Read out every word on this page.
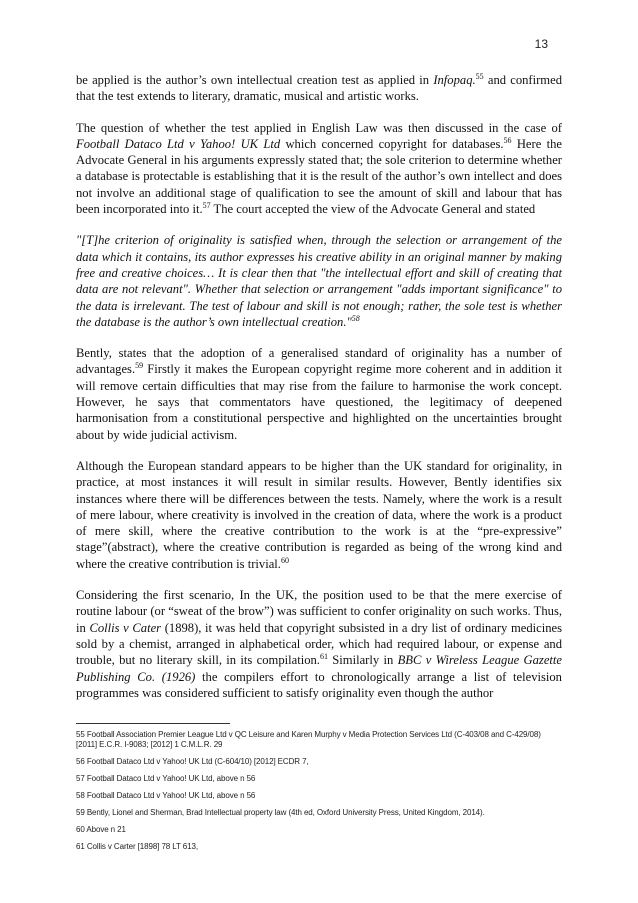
13

be applied is the author’s own intellectual creation test as applied in Infopaq.$^{55}$ and confirmed that the test extends to literary, dramatic, musical and artistic works.

The question of whether the test applied in English Law was then discussed in the case of Football Dataco Ltd v Yahoo! UK Ltd which concerned copyright for databases.$^{56}$ Here the Advocate General in his arguments expressly stated that; the sole criterion to determine whether a database is protectable is establishing that it is the result of the author’s own intellect and does not involve an additional stage of qualification to see the amount of skill and labour that has been incorporated into it.$^{57}$ The court accepted the view of the Advocate General and stated

"[T]he criterion of originality is satisfied when, through the selection or arrangement of the data which it contains, its author expresses his creative ability in an original manner by making free and creative choices… It is clear then that "the intellectual effort and skill of creating that data are not relevant". Whether that selection or arrangement "adds important significance" to the data is irrelevant. The test of labour and skill is not enough; rather, the sole test is whether the database is the author’s own intellectual creation."$^{58}$

Bently, states that the adoption of a generalised standard of originality has a number of advantages.$^{59}$ Firstly it makes the European copyright regime more coherent and in addition it will remove certain difficulties that may rise from the failure to harmonise the work concept. However, he says that commentators have questioned, the legitimacy of deepened harmonisation from a constitutional perspective and highlighted on the uncertainties brought about by wide judicial activism.

Although the European standard appears to be higher than the UK standard for originality, in practice, at most instances it will result in similar results. However, Bently identifies six instances where there will be differences between the tests. Namely, where the work is a result of mere labour, where creativity is involved in the creation of data, where the work is a product of mere skill, where the creative contribution to the work is at the “pre-expressive” stage”(abstract), where the creative contribution is regarded as being of the wrong kind and where the creative contribution is trivial.$^{60}$

Considering the first scenario, In the UK, the position used to be that the mere exercise of routine labour (or “sweat of the brow”) was sufficient to confer originality on such works. Thus, in Collis v Cater (1898), it was held that copyright subsisted in a dry list of ordinary medicines sold by a chemist, arranged in alphabetical order, which had required labour, or expense and trouble, but no literary skill, in its compilation.$^{61}$ Similarly in BBC v Wireless League Gazette Publishing Co. (1926) the compilers effort to chronologically arrange a list of television programmes was considered sufficient to satisfy originality even though the author

55 Football Association Premier League Ltd v QC Leisure and Karen Murphy v Media Protection Services Ltd (C-403/08 and C-429/08) [2011] E.C.R. I-9083; [2012] 1 C.M.L.R. 29
56 Football Dataco Ltd v Yahoo! UK Ltd (C-604/10) [2012] ECDR 7,
57 Football Dataco Ltd v Yahoo! UK Ltd, above n 56
58 Football Dataco Ltd v Yahoo! UK Ltd, above n 56
59 Bently, Lionel and Sherman, Brad Intellectual property law (4th ed, Oxford University Press, United Kingdom, 2014).
60 Above n 21
61 Collis v Carter [1898] 78 LT 613,
